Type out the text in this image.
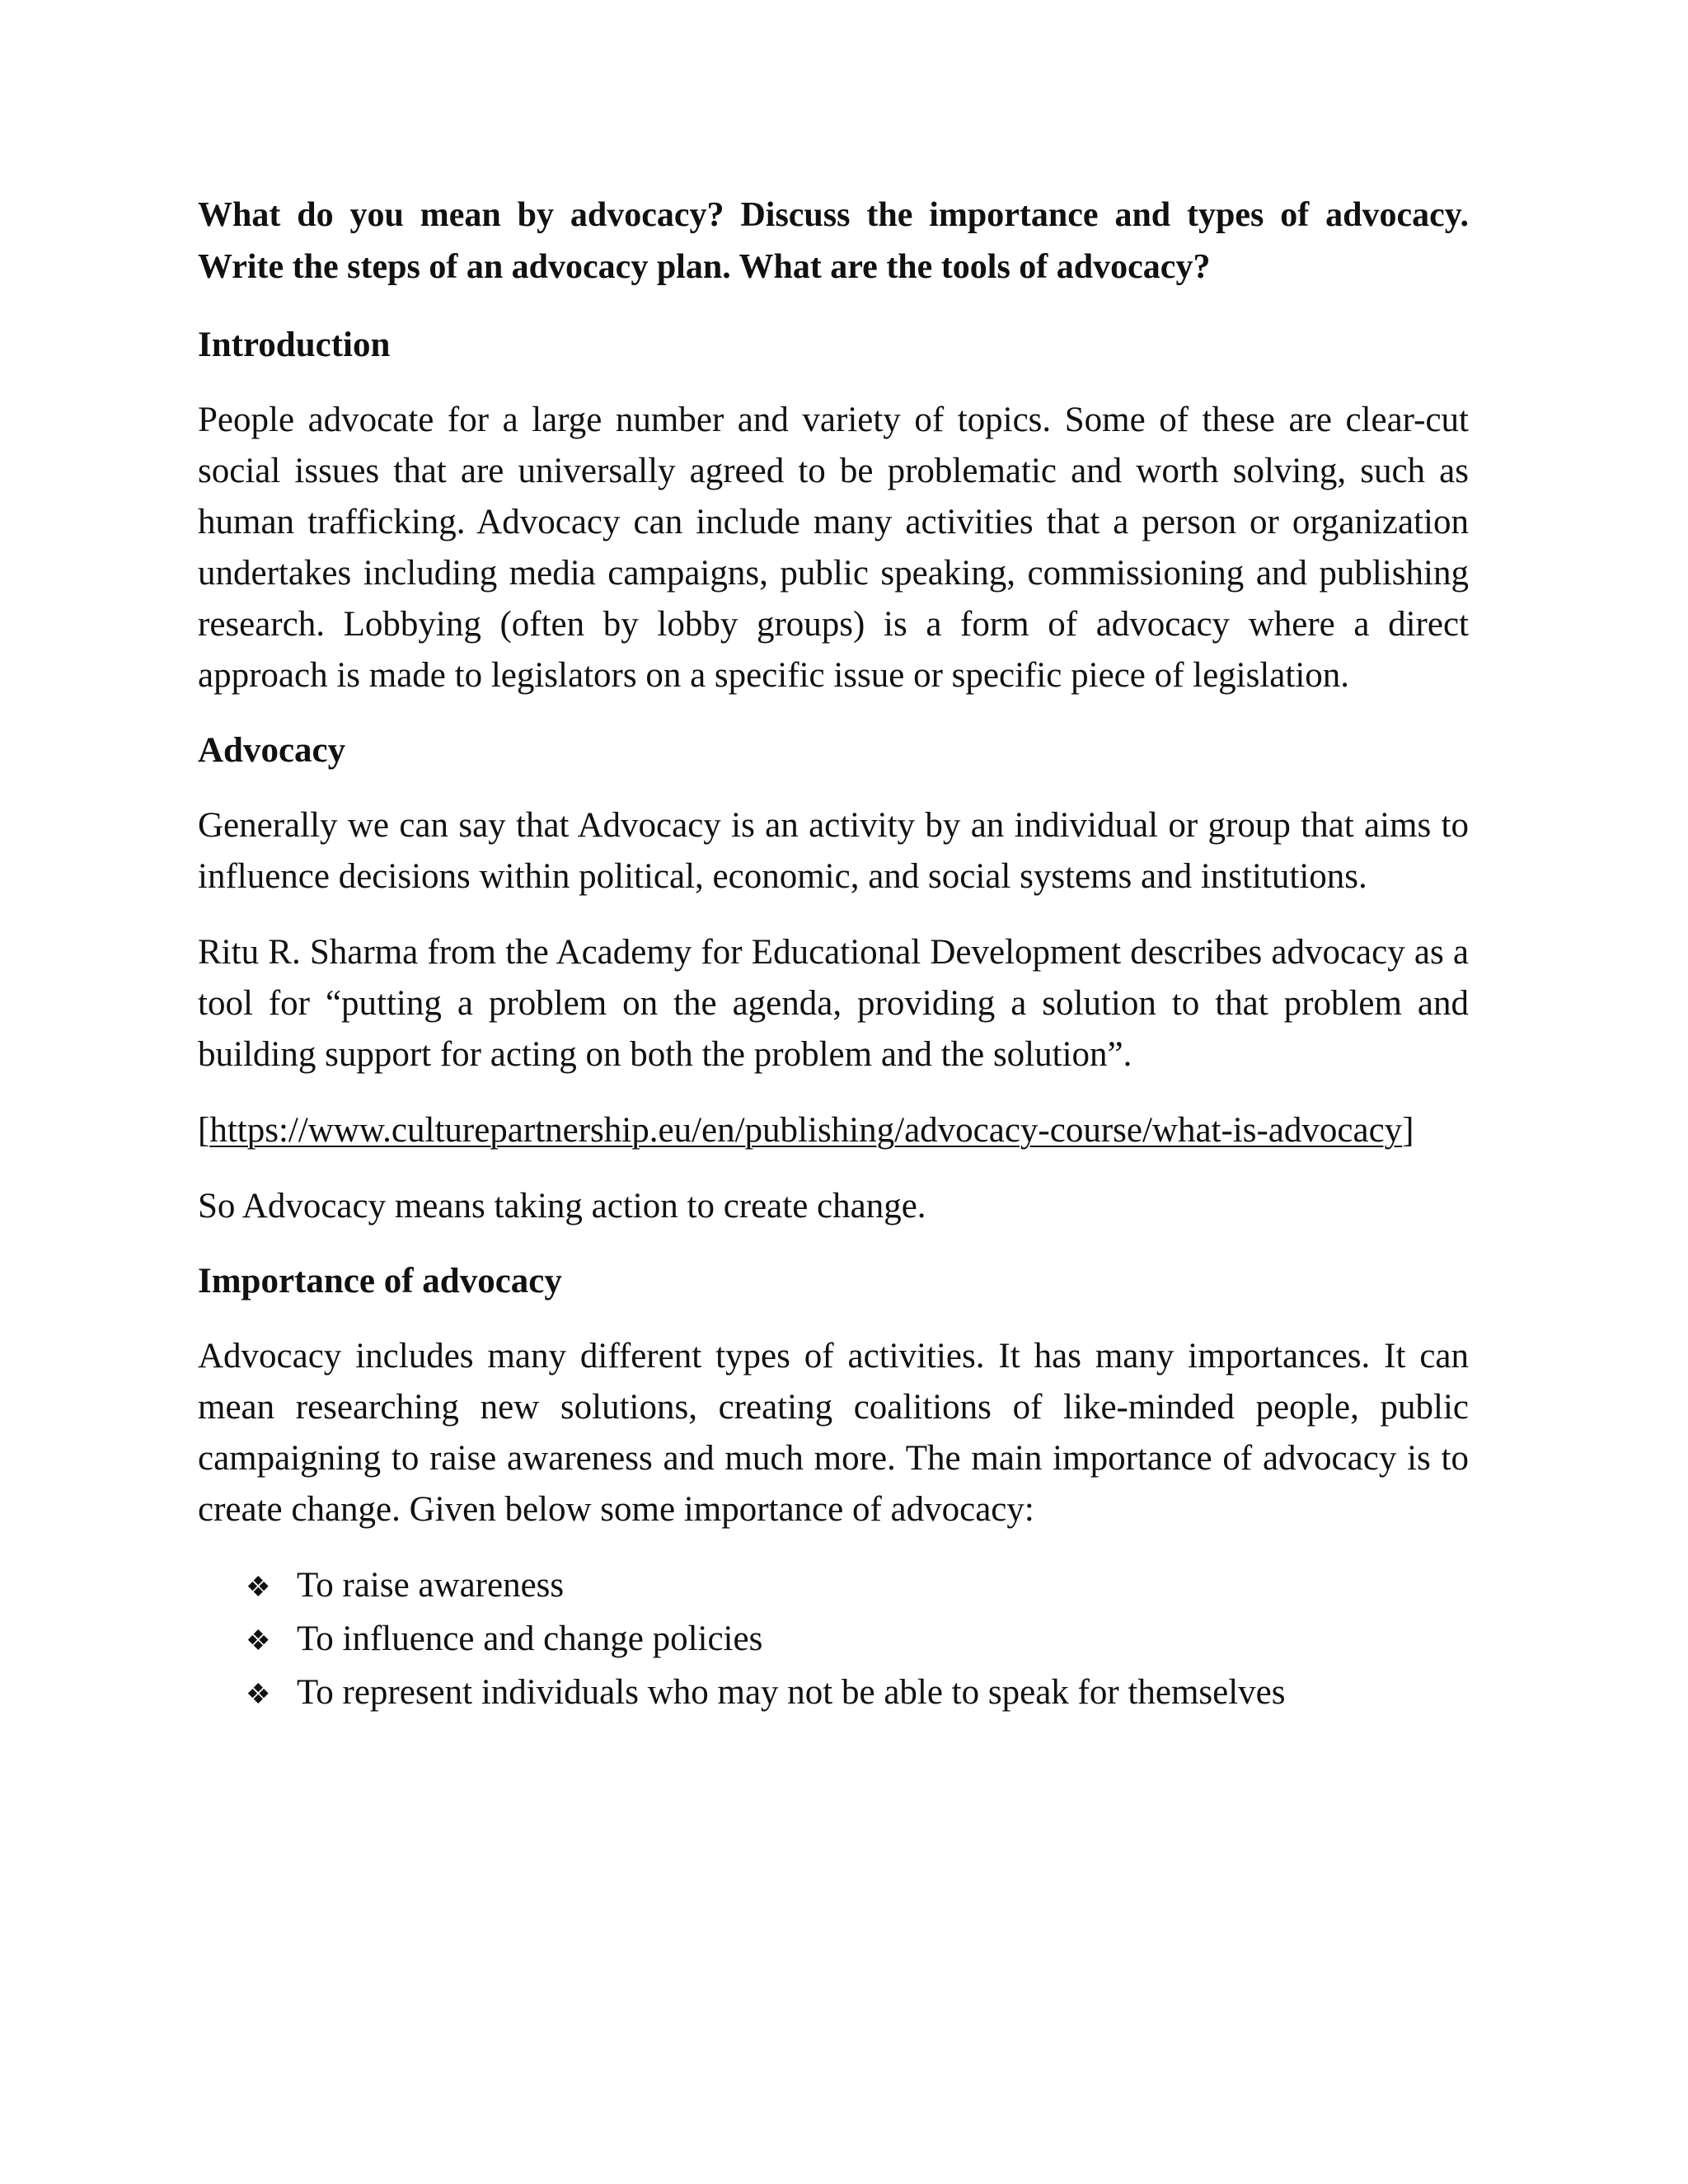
What do you mean by advocacy? Discuss the importance and types of advocacy. Write the steps of an advocacy plan. What are the tools of advocacy?

Introduction

People advocate for a large number and variety of topics. Some of these are clear-cut social issues that are universally agreed to be problematic and worth solving, such as human trafficking. Advocacy can include many activities that a person or organization undertakes including media campaigns, public speaking, commissioning and publishing research. Lobbying (often by lobby groups) is a form of advocacy where a direct approach is made to legislators on a specific issue or specific piece of legislation.

Advocacy

Generally we can say that Advocacy is an activity by an individual or group that aims to influence decisions within political, economic, and social systems and institutions.

Ritu R. Sharma from the Academy for Educational Development describes advocacy as a tool for “putting a problem on the agenda, providing a solution to that problem and building support for acting on both the problem and the solution”.

[https://www.culturepartnership.eu/en/publishing/advocacy-course/what-is-advocacy]

So Advocacy means taking action to create change.

Importance of advocacy

Advocacy includes many different types of activities. It has many importances. It can mean researching new solutions, creating coalitions of like-minded people, public campaigning to raise awareness and much more. The main importance of advocacy is to create change. Given below some importance of advocacy:

❖ To raise awareness
❖ To influence and change policies
❖ To represent individuals who may not be able to speak for themselves
